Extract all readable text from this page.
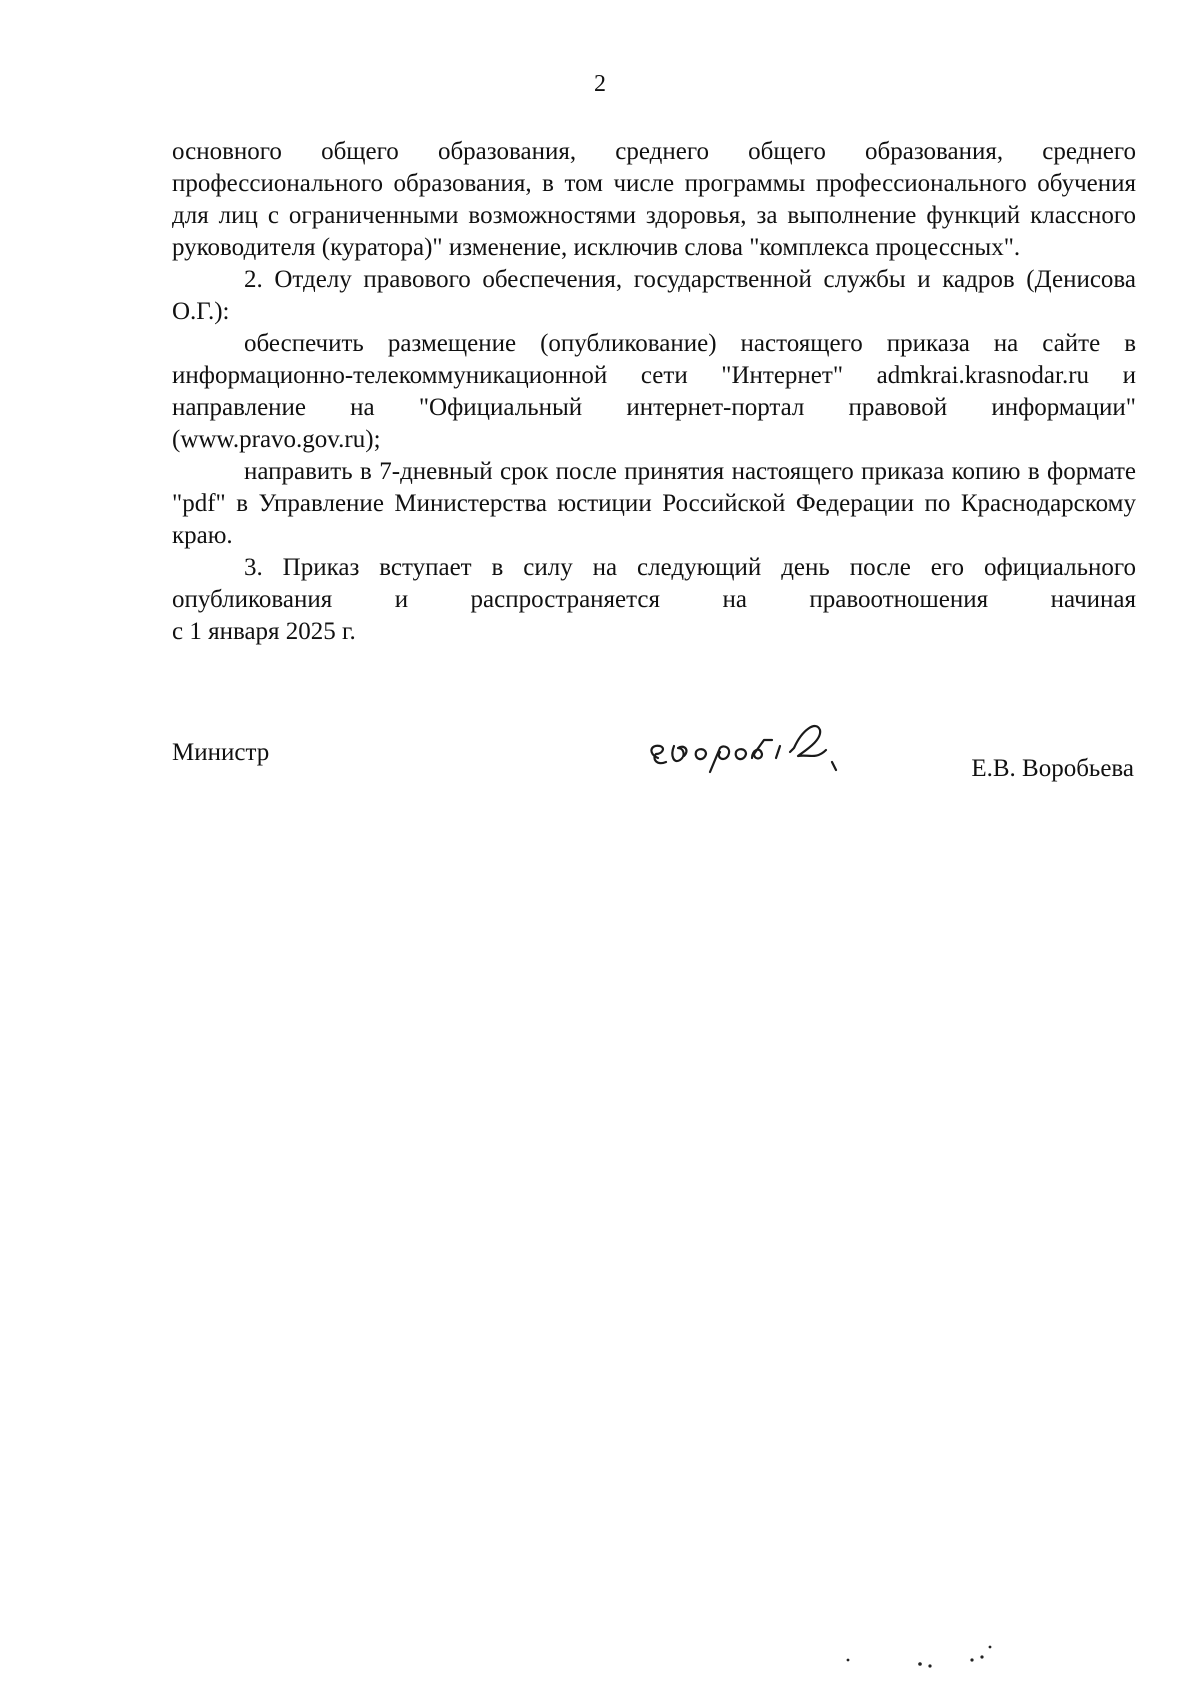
2

основного общего образования, среднего общего образования, среднего профессионального образования, в том числе программы профессионального обучения для лиц с ограниченными возможностями здоровья, за выполнение функций классного руководителя (куратора)" изменение, исключив слова "комплекса процессных".

2. Отделу правового обеспечения, государственной службы и кадров (Денисова О.Г.):

обеспечить размещение (опубликование) настоящего приказа на сайте в информационно-телекоммуникационной сети "Интернет" admkrai.krasnodar.ru и направление на "Официальный интернет-портал правовой информации" (www.pravo.gov.ru);

направить в 7-дневный срок после принятия настоящего приказа копию в формате "pdf" в Управление Министерства юстиции Российской Федерации по Краснодарскому краю.

3. Приказ вступает в силу на следующий день после его официального опубликования и распространяется на правоотношения начиная

с 1 января 2025 г.

Министр
Е.В. Воробьева
